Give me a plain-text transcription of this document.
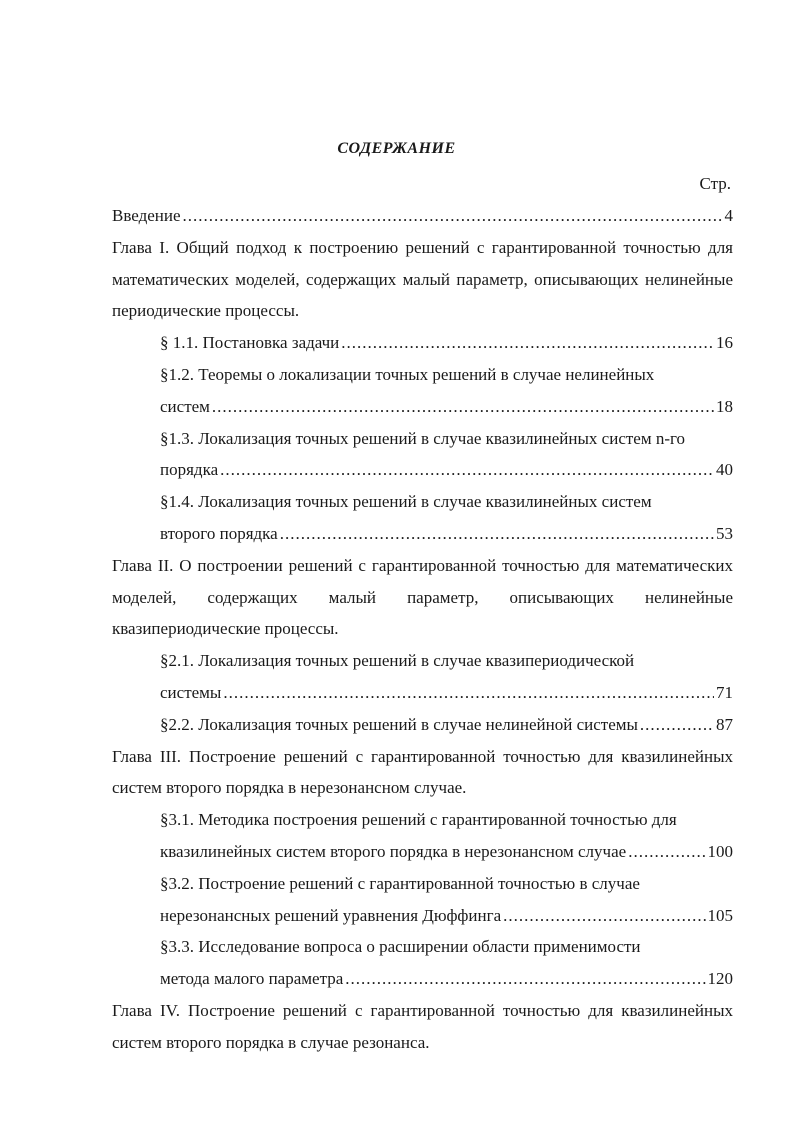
СОДЕРЖАНИЕ
Стр.
Введение .....	4
Глава I. Общий подход к построению решений с гарантированной точностью для математических моделей, содержащих малый параметр, описывающих нелинейные периодические процессы.
§ 1.1. Постановка задачи .....	16
§1.2. Теоремы о локализации точных решений в случае нелинейных
систем .....	18
§1.3. Локализация точных решений в случае квазилинейных систем n-го
порядка .....	40
§1.4. Локализация точных решений в случае квазилинейных систем
второго порядка .....	53
Глава II. О построении решений с гарантированной точностью для математических моделей, содержащих малый параметр, описывающих нелинейные квазипериодические процессы.
§2.1. Локализация точных решений в случае квазипериодической
системы .....	71
§2.2. Локализация точных решений в случае нелинейной системы .....	87
Глава III. Построение решений с гарантированной точностью для квазилинейных систем второго порядка в нерезонансном случае.
§3.1. Методика построения решений с гарантированной точностью для
квазилинейных систем второго порядка в нерезонансном случае .....	100
§3.2. Построение решений с гарантированной точностью в случае
нерезонансных решений уравнения Дюффинга .....	105
§3.3. Исследование вопроса о расширении области применимости
метода малого параметра .....	120
Глава IV. Построение решений с гарантированной точностью для квазилинейных систем второго порядка в случае резонанса.
